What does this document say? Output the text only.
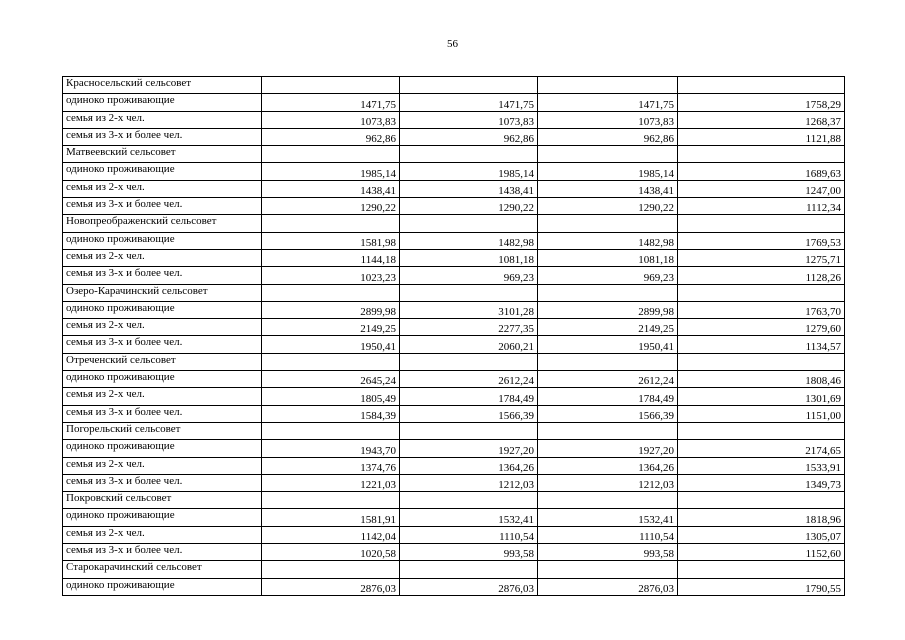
56
Красносельский сельсовет				
одиноко проживающие	1471,75	1471,75	1471,75	1758,29
семья из 2-х чел.	1073,83	1073,83	1073,83	1268,37
семья из 3-х и более чел.	962,86	962,86	962,86	1121,88
Матвеевский сельсовет				
одиноко проживающие	1985,14	1985,14	1985,14	1689,63
семья из 2-х чел.	1438,41	1438,41	1438,41	1247,00
семья из 3-х и более чел.	1290,22	1290,22	1290,22	1112,34
Новопреображенский сельсовет				
одиноко проживающие	1581,98	1482,98	1482,98	1769,53
семья из 2-х чел.	1144,18	1081,18	1081,18	1275,71
семья из 3-х и более чел.	1023,23	969,23	969,23	1128,26
Озеро-Карачинский сельсовет				
одиноко проживающие	2899,98	3101,28	2899,98	1763,70
семья из 2-х чел.	2149,25	2277,35	2149,25	1279,60
семья из 3-х и более чел.	1950,41	2060,21	1950,41	1134,57
Отреченский сельсовет				
одиноко проживающие	2645,24	2612,24	2612,24	1808,46
семья из 2-х чел.	1805,49	1784,49	1784,49	1301,69
семья из 3-х и более чел.	1584,39	1566,39	1566,39	1151,00
Погорельский сельсовет				
одиноко проживающие	1943,70	1927,20	1927,20	2174,65
семья из 2-х чел.	1374,76	1364,26	1364,26	1533,91
семья из 3-х и более чел.	1221,03	1212,03	1212,03	1349,73
Покровский сельсовет				
одиноко проживающие	1581,91	1532,41	1532,41	1818,96
семья из 2-х чел.	1142,04	1110,54	1110,54	1305,07
семья из 3-х и более чел.	1020,58	993,58	993,58	1152,60
Старокарачинский сельсовет				
одиноко проживающие	2876,03	2876,03	2876,03	1790,55
